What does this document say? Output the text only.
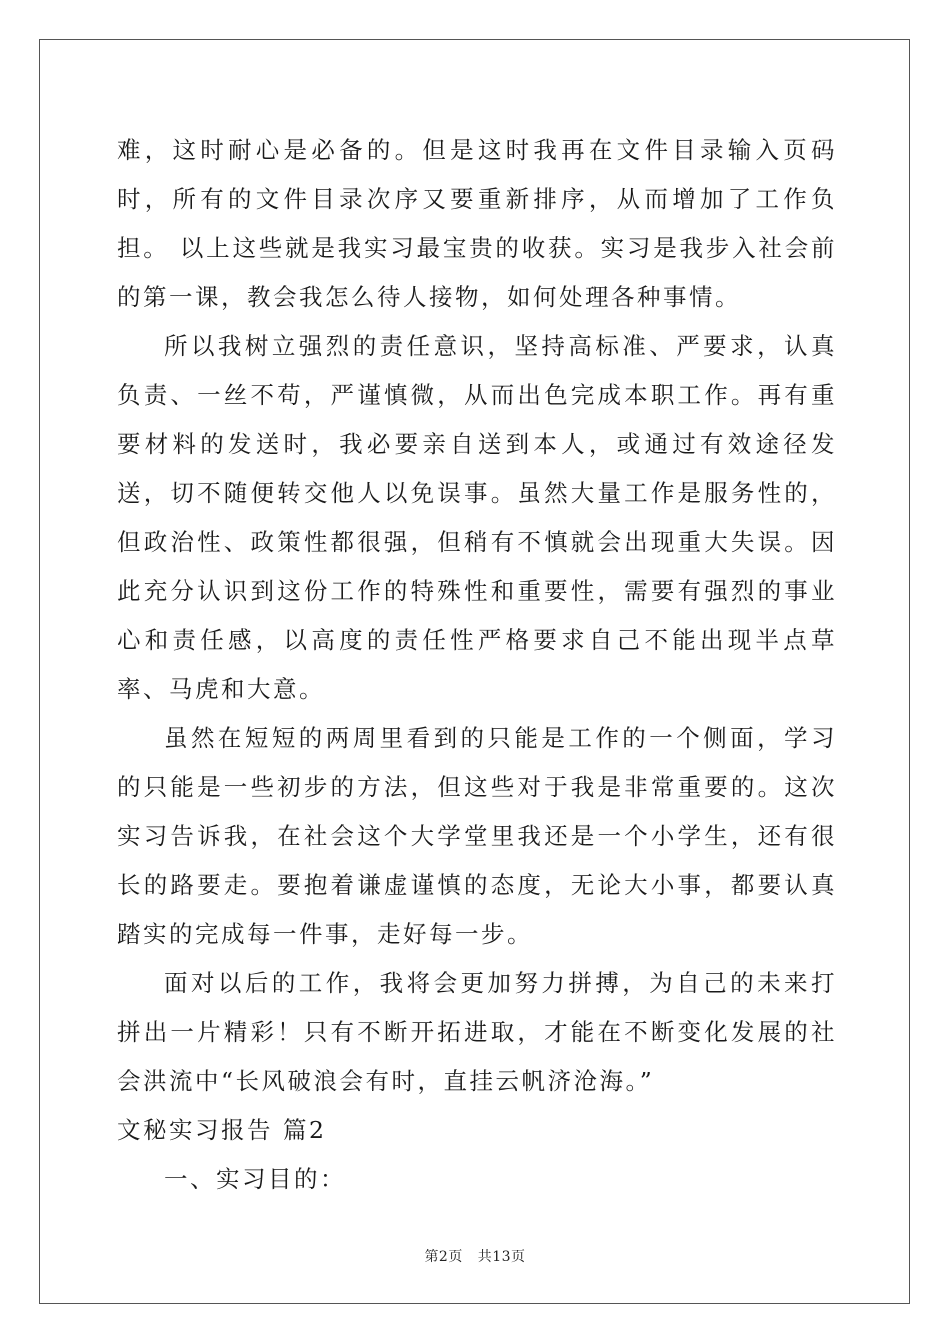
难，这时耐心是必备的。但是这时我再在文件目录输入页码时，所有的文件目录次序又要重新排序，从而增加了工作负担。 以上这些就是我实习最宝贵的收获。实习是我步入社会前的第一课，教会我怎么待人接物，如何处理各种事情。

所以我树立强烈的责任意识，坚持高标准、严要求，认真负责、一丝不苟，严谨慎微，从而出色完成本职工作。再有重要材料的发送时，我必要亲自送到本人，或通过有效途径发送，切不随便转交他人以免误事。虽然大量工作是服务性的，但政治性、政策性都很强，但稍有不慎就会出现重大失误。因此充分认识到这份工作的特殊性和重要性，需要有强烈的事业心和责任感，以高度的责任性严格要求自己不能出现半点草率、马虎和大意。

虽然在短短的两周里看到的只能是工作的一个侧面，学习的只能是一些初步的方法，但这些对于我是非常重要的。这次实习告诉我，在社会这个大学堂里我还是一个小学生，还有很长的路要走。要抱着谦虚谨慎的态度，无论大小事，都要认真踏实的完成每一件事，走好每一步。

面对以后的工作，我将会更加努力拼搏，为自己的未来打拼出一片精彩！只有不断开拓进取，才能在不断变化发展的社会洪流中“长风破浪会有时，直挂云帆济沧海。”

文秘实习报告 篇2

一、实习目的：

第2页 共13页
